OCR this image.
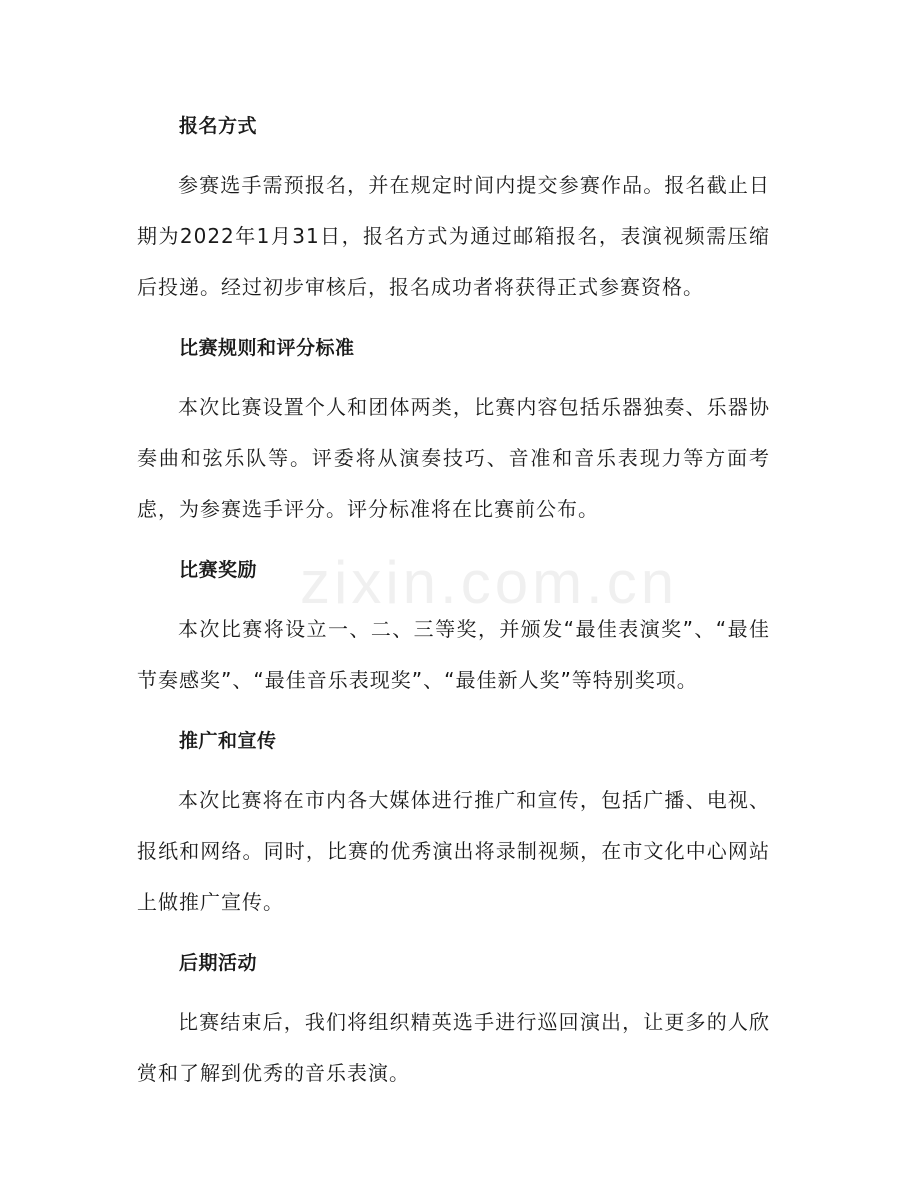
报名方式

参赛选手需预报名，并在规定时间内提交参赛作品。报名截止日期为2022年1月31日，报名方式为通过邮箱报名，表演视频需压缩后投递。经过初步审核后，报名成功者将获得正式参赛资格。

比赛规则和评分标准

本次比赛设置个人和团体两类，比赛内容包括乐器独奏、乐器协奏曲和弦乐队等。评委将从演奏技巧、音准和音乐表现力等方面考虑，为参赛选手评分。评分标准将在比赛前公布。

比赛奖励

本次比赛将设立一、二、三等奖，并颁发“最佳表演奖”、“最佳节奏感奖”、“最佳音乐表现奖”、“最佳新人奖”等特别奖项。

推广和宣传

本次比赛将在市内各大媒体进行推广和宣传，包括广播、电视、报纸和网络。同时，比赛的优秀演出将录制视频，在市文化中心网站上做推广宣传。

后期活动

比赛结束后，我们将组织精英选手进行巡回演出，让更多的人欣赏和了解到优秀的音乐表演。

zixin.com.cn
